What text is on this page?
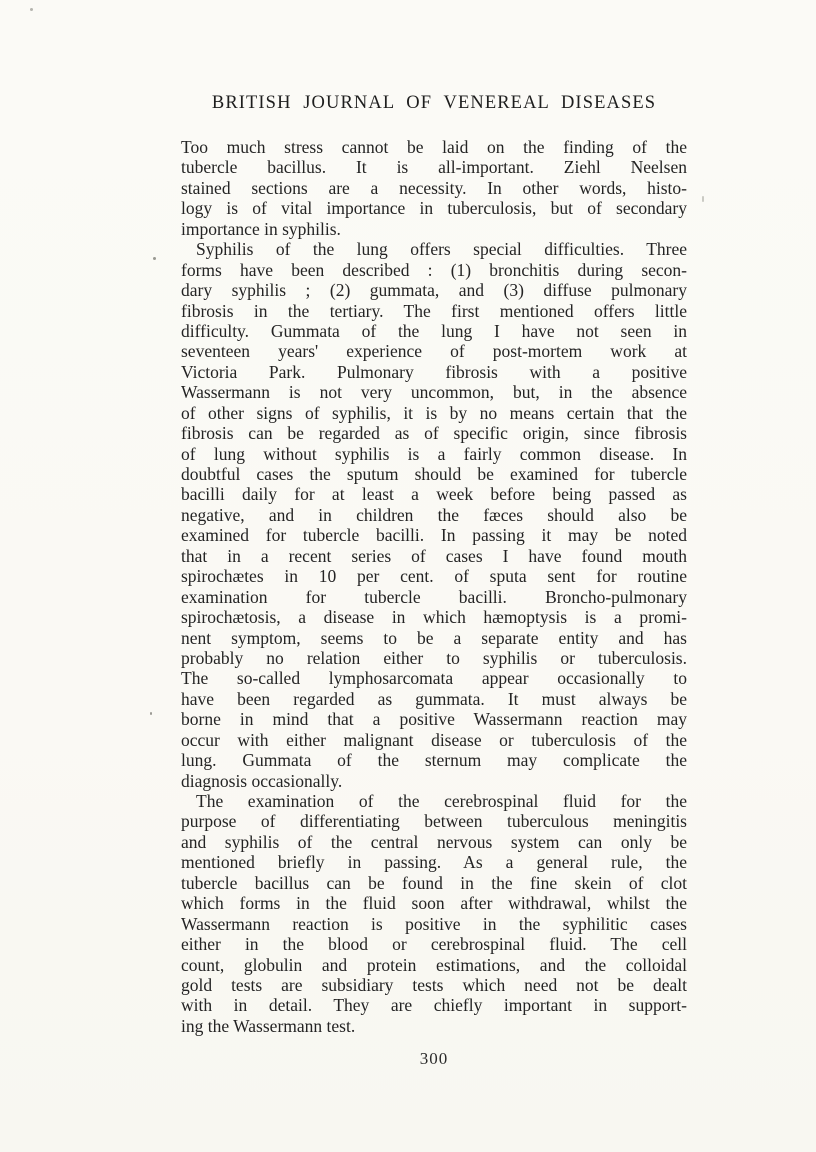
BRITISH JOURNAL OF VENEREAL DISEASES
Too much stress cannot be laid on the finding of the
tubercle bacillus. It is all-important. Ziehl Neelsen
stained sections are a necessity. In other words, histo-
logy is of vital importance in tuberculosis, but of secondary
importance in syphilis.
Syphilis of the lung offers special difficulties. Three
forms have been described : (1) bronchitis during secon-
dary syphilis ; (2) gummata, and (3) diffuse pulmonary
fibrosis in the tertiary. The first mentioned offers little
difficulty. Gummata of the lung I have not seen in
seventeen years' experience of post-mortem work at
Victoria Park. Pulmonary fibrosis with a positive
Wassermann is not very uncommon, but, in the absence
of other signs of syphilis, it is by no means certain that the
fibrosis can be regarded as of specific origin, since fibrosis
of lung without syphilis is a fairly common disease. In
doubtful cases the sputum should be examined for tubercle
bacilli daily for at least a week before being passed as
negative, and in children the fæces should also be
examined for tubercle bacilli. In passing it may be noted
that in a recent series of cases I have found mouth
spirochætes in 10 per cent. of sputa sent for routine
examination for tubercle bacilli. Broncho-pulmonary
spirochætosis, a disease in which hæmoptysis is a promi-
nent symptom, seems to be a separate entity and has
probably no relation either to syphilis or tuberculosis.
The so-called lymphosarcomata appear occasionally to
have been regarded as gummata. It must always be
borne in mind that a positive Wassermann reaction may
occur with either malignant disease or tuberculosis of the
lung. Gummata of the sternum may complicate the
diagnosis occasionally.
The examination of the cerebrospinal fluid for the
purpose of differentiating between tuberculous meningitis
and syphilis of the central nervous system can only be
mentioned briefly in passing. As a general rule, the
tubercle bacillus can be found in the fine skein of clot
which forms in the fluid soon after withdrawal, whilst the
Wassermann reaction is positive in the syphilitic cases
either in the blood or cerebrospinal fluid. The cell
count, globulin and protein estimations, and the colloidal
gold tests are subsidiary tests which need not be dealt
with in detail. They are chiefly important in support-
ing the Wassermann test.
300
